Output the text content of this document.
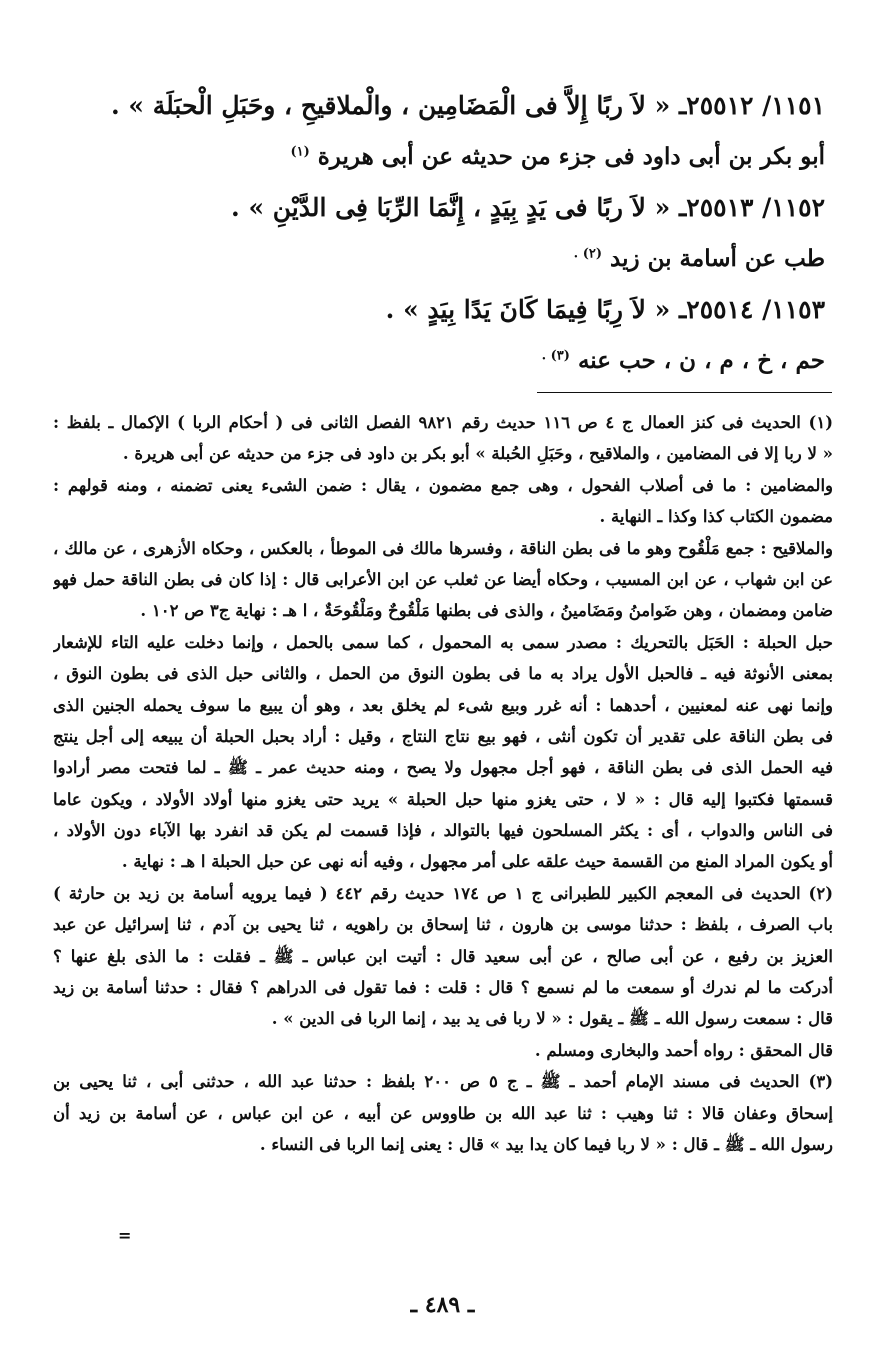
١١٥١/ ٢٥٥١٢ـ « لاَ ربًا إِلاَّ فى الْمَضَامِين ، والْملاقيحِ ، وحَبَلِ الْحبَلَة » .
أبو بكر بن أبى داود فى جزء من حديثه عن أبى هريرة $^{(١)}$
١١٥٢/ ٢٥٥١٣ـ « لاَ ربًا فى يَدٍ بِيَدٍ ، إِنَّمَا الرِّبَا فِى الدَّيْنِ » .
طب عن أسامة بن زيد $^{(٢) .}$
١١٥٣/ ٢٥٥١٤ـ « لاَ رِبًا فِيمَا كَانَ يَدًا بِيَدٍ » .
حم ، خ ، م ، ن ، حب عنه $^{(٣) .}$
(١) الحديث فى كنز العمال ج ٤ ص ١١٦ حديث رقم ٩٨٢١ الفصل الثانى فى ( أحكام الربا ) الإكمال ـ بلفظ :
« لا ربا إلا فى المضامين ، والملاقيح ، وحَبَلِ الحُبلة » أبو بكر بن داود فى جزء من حديثه عن أبى هريرة .
والمضامين : ما فى أصلاب الفحول ، وهى جمع مضمون ، يقال : ضمن الشىء يعنى تضمنه ، ومنه قولهم :
مضمون الكتاب كذا وكذا ـ النهاية .
والملاقيح : جمع مَلْقُوح وهو ما فى بطن الناقة ، وفسرها مالك فى الموطأ ، بالعكس ، وحكاه الأزهرى ، عن مالك ،
عن ابن شهاب ، عن ابن المسيب ، وحكاه أيضا عن ثعلب عن ابن الأعرابى قال : إذا كان فى بطن الناقة حمل فهو
ضامن ومضمان ، وهن ضَوامنُ ومَضَامينُ ، والذى فى بطنها مَلْقُوحٌ ومَلْقُوحَةٌ ، ا هـ : نهاية ج٣ ص ١٠٢ .
حبل الحبلة : الحَبَل بالتحريك : مصدر سمى به المحمول ، كما سمى بالحمل ، وإنما دخلت عليه التاء للإشعار
بمعنى الأنوثة فيه ـ فالحبل الأول يراد به ما فى بطون النوق من الحمل ، والثانى حبل الذى فى بطون النوق ،
وإنما نهى عنه لمعنيين ، أحدهما : أنه غرر وبيع شىء لم يخلق بعد ، وهو أن يبيع ما سوف يحمله الجنين الذى
فى بطن الناقة على تقدير أن تكون أنثى ، فهو بيع نتاج النتاج ، وقيل : أراد بحبل الحبلة أن يبيعه إلى أجل ينتج
فيه الحمل الذى فى بطن الناقة ، فهو أجل مجهول ولا يصح ، ومنه حديث عمر ـ ﷺ ـ لما فتحت مصر أرادوا
قسمتها فكتبوا إليه قال : « لا ، حتى يغزو منها حبل الحبلة » يريد حتى يغزو منها أولاد الأولاد ، ويكون عاما
فى الناس والدواب ، أى : يكثر المسلحون فيها بالتوالد ، فإذا قسمت لم يكن قد انفرد بها الآباء دون الأولاد ،
أو يكون المراد المنع من القسمة حيث علقه على أمر مجهول ، وفيه أنه نهى عن حبل الحبلة ا هـ : نهاية .
(٢) الحديث فى المعجم الكبير للطبرانى ج ١ ص ١٧٤ حديث رقم ٤٤٢ ( فيما يرويه أسامة بن زيد بن حارثة )
باب الصرف ، بلفظ : حدثنا موسى بن هارون ، ثنا إسحاق بن راهويه ، ثنا يحيى بن آدم ، ثنا إسرائيل عن عبد
العزيز بن رفيع ، عن أبى صالح ، عن أبى سعيد قال : أتيت ابن عباس ـ ﷺ ـ فقلت : ما الذى بلغ عنها ؟
أدركت ما لم ندرك أو سمعت ما لم نسمع ؟ قال : قلت : فما تقول فى الدراهم ؟ فقال : حدثنا أسامة بن زيد
قال : سمعت رسول الله ـ ﷺ ـ يقول : « لا ربا فى يد بيد ، إنما الربا فى الدين » .
قال المحقق : رواه أحمد والبخارى ومسلم .
(٣) الحديث فى مسند الإمام أحمد ـ ﷺ ـ ج ٥ ص ٢٠٠ بلفظ : حدثنا عبد الله ، حدثنى أبى ، ثنا يحيى بن
إسحاق وعفان قالا : ثنا وهيب : ثنا عبد الله بن طاووس عن أبيه ، عن ابن عباس ، عن أسامة بن زيد أن
رسول الله ـ ﷺ ـ قال : « لا ربا فيما كان يدا بيد » قال : يعنى إنما الربا فى النساء .
=
ـ ٤٨٩ ـ
